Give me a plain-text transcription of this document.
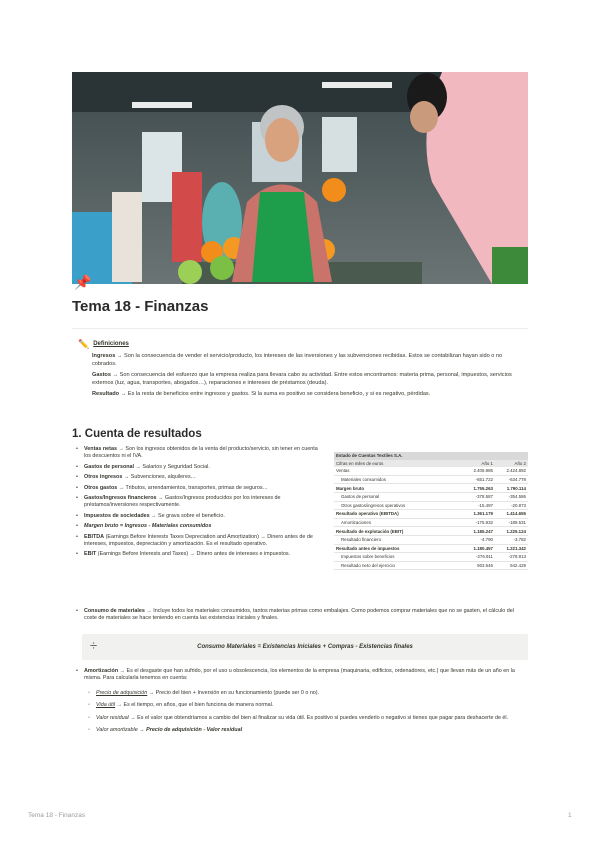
📌
Tema 18 - Finanzas
✏️ Definiciones

Ingresos → Son la consecuencia de vender el servicio/producto, los intereses de las inversiones y las subvenciones recibidas. Estos se contabilizan hayan sido o no cobrados.

Gastos → Son consecuencia del esfuerzo que la empresa realiza para llevara cabo su actividad. Entre estos encontramos: materia prima, personal, impuestos, servicios externos (luz, agua, transportes, abogados…), reparaciones e intereses de préstamos (deuda).

Resultado → Es la resta de beneficios entre ingresos y gastos. Si la suma es positivo se considera beneficio, y si es negativo, pérdidas.

1. Cuenta de resultados
• Ventas netas → Son los ingresos obtenidos de la venta del producto/servicio, sin tener en cuenta los descuentos ni el IVA.
• Gastos de personal → Salarios y Seguridad Social.
• Otros ingresos → Subvenciones, alquileres…
• Otros gastos → Tributos, arrendamientos, transportes, primas de seguros…
• Gastos/Ingresos financieros → Gastos/Ingresos producidos por los intereses de préstamos/inversiones respectivamente.
• Impuestos de sociedades → Se grava sobre el beneficio.
• Margen bruto = Ingresos - Materiales consumidos
• EBITDA (Earnings Before Interests Taxes Depreciation and Amortization) → Dinero antes de de intereses, impuestos, depreciación y amortización. Es el resultado operativo.
• EBIT (Earnings Before Interests and Taxes) → Dinero antes de intereses e impuestos.
Estado de Cuentas Textiles S.A.
Cifras en miles de euros	Año 1	Año 2
Ventas	2.406.985	2.424.892
Materiales consumidos	-651.722	-634.778
Margen bruto	1.755.263	1.790.114
Gastos de personal	-378.587	-354.586
Otros gastos/ingresos operativos	-15.497	-20.873
Resultado operativo (EBITDA)	1.361.179	1.414.655
Amortizaciones	-175.932	-189.531
Resultado de explotación (EBIT)	1.185.247	1.225.124
Resultado financiero	-4.790	-3.782
Resultado antes de impuestos	1.180.457	1.221.342
Impuestos sobre beneficios	-276.911	-278.913
Resultado neto del ejercicio	903.546	942.429
• Consumo de materiales → Incluye todos los materiales consumidos, tantos materias primas como embalajes. Como podemos comprar materiales que no se gasten, el cálculo del coste de materiales se hace teniendo en cuenta las existencias iniciales y finales.
÷	Consumo Materiales = Existencias Iniciales + Compras - Existencias finales
• Amortización → Es el desgaste que han sufrido, por el uso u obsolescencia, los elementos de la empresa (maquinaria, edificios, ordenadores, etc.) que llevan más de un año en la misma. Para calcularla tenemos en cuenta:
◦ Precio de adquisición → Precio del bien + Inversión en su funcionamiento (puede ser 0 o no).
◦ Vida útil → Es el tiempo, en años, que el bien funciona de manera normal.
◦ Valor residual → Es el valor que obtendríamos a cambio del bien al finalizar su vida útil. Es positivo si puedes venderlo o negativo si tienes que pagar para deshacerte de él.
◦ Valor amortizable → Precio de adquisición - Valor residual
Tema 18 - Finanzas	1
